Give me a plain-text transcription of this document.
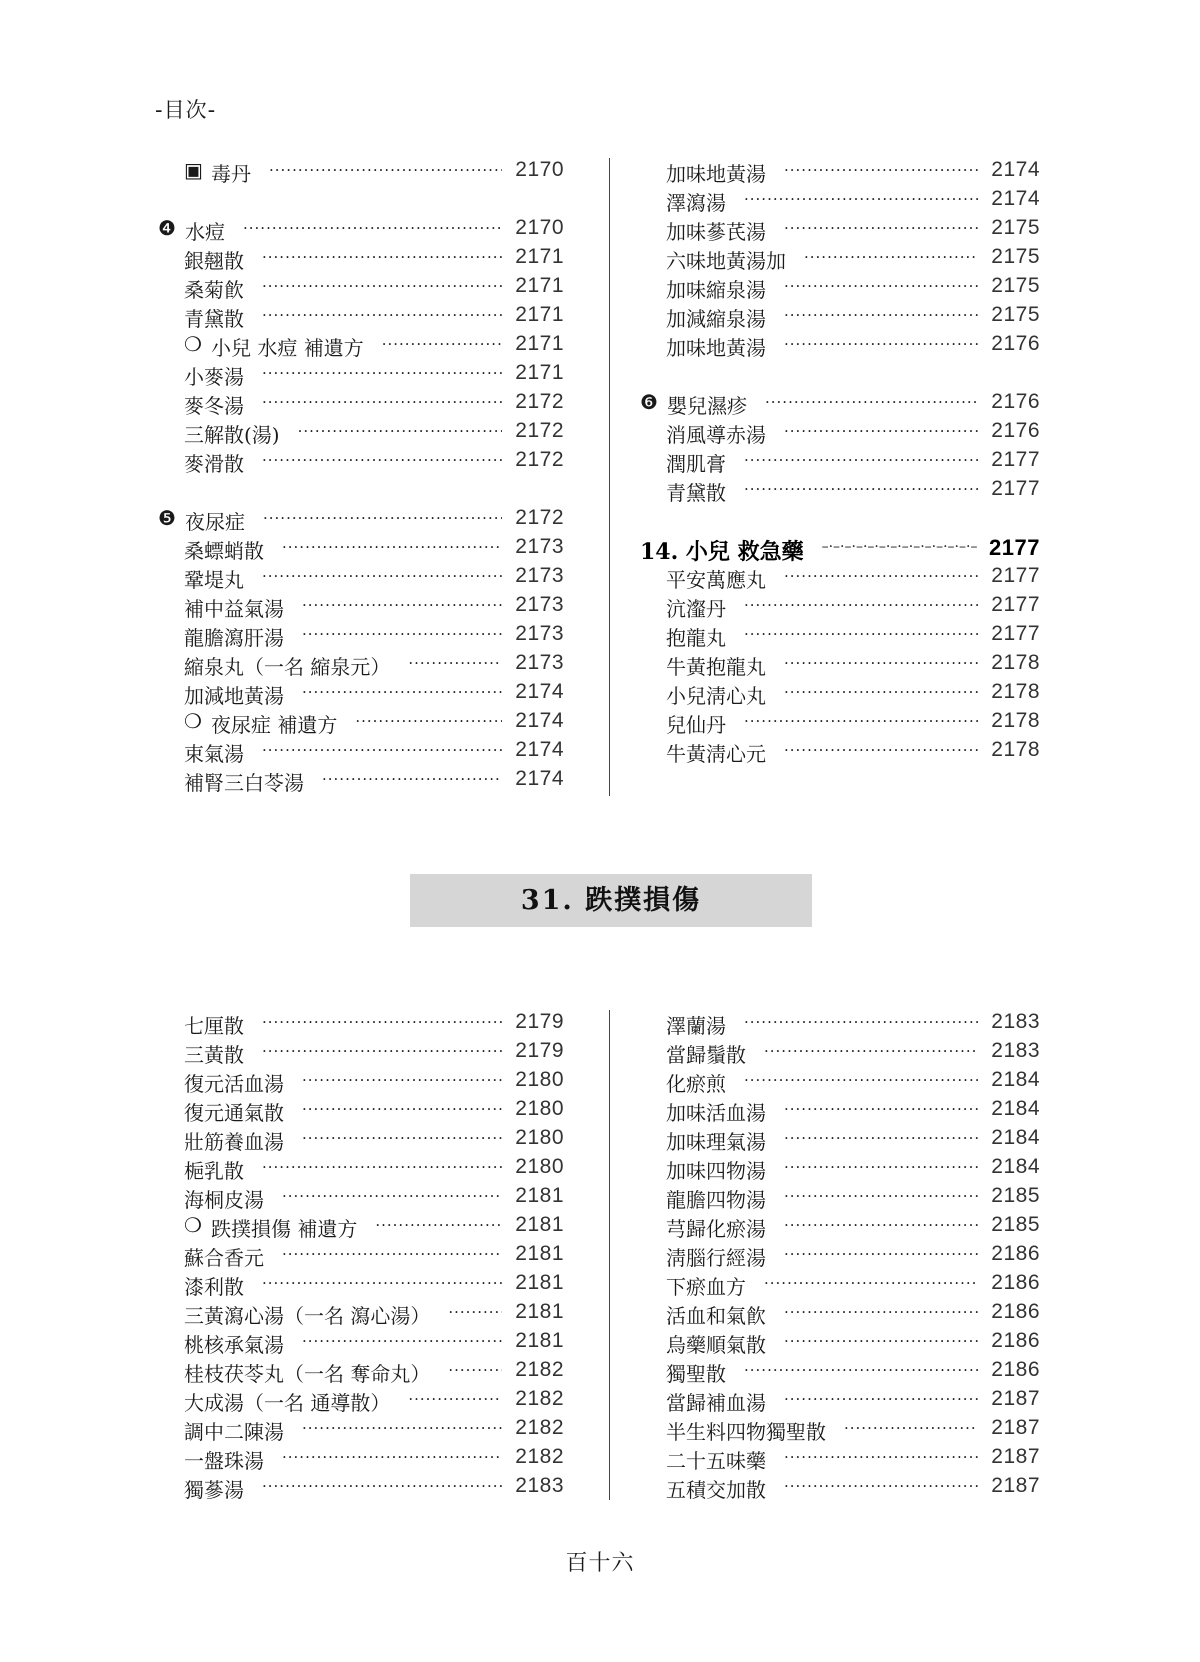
-目次-
▣ 毒丹 ·····	2170
❹ 水痘 ·····	2170
銀翹散 ·····	2171
桑菊飮 ·····	2171
青黛散 ·····	2171
❍ 小兒 水痘 補遺方 ·····	2171
小麥湯 ·····	2171
麥冬湯 ·····	2172
三解散(湯) ·····	2172
麥滑散 ·····	2172
❺ 夜尿症 ·····	2172
桑螵蛸散 ·····	2173
鞏堤丸 ·····	2173
補中益氣湯 ·····	2173
龍膽瀉肝湯 ·····	2173
縮泉丸（一名 縮泉元） ·····	2173
加減地黃湯 ·····	2174
❍ 夜尿症 補遺方 ·····	2174
束氣湯 ·····	2174
補腎三白苓湯 ·····	2174
加味地黃湯 ·····	2174
澤瀉湯 ·····	2174
加味蔘芪湯 ·····	2175
六味地黃湯加 ·····	2175
加味縮泉湯 ·····	2175
加減縮泉湯 ·····	2175
加味地黃湯 ·····	2176
❻ 嬰兒濕疹 ·····	2176
消風導赤湯 ·····	2176
潤肌膏 ·····	2177
青黛散 ·····	2177
14. 小兒 救急藥 –·–·–	2177
平安萬應丸 ·····	2177
沆瀣丹 ·····	2177
抱龍丸 ·····	2177
牛黃抱龍丸 ·····	2178
小兒淸心丸 ·····	2178
兒仙丹 ·····	2178
牛黃淸心元 ·····	2178
31. 跌撲損傷
七厘散 ·····	2179
三黃散 ·····	2179
復元活血湯 ·····	2180
復元通氣散 ·····	2180
壯筋養血湯 ·····	2180
梔乳散 ·····	2180
海桐皮湯 ·····	2181
❍ 跌撲損傷 補遺方 ·····	2181
蘇合香元 ·····	2181
漆利散 ·····	2181
三黃瀉心湯（一名 瀉心湯） ·····	2181
桃核承氣湯 ·····	2181
桂枝茯苓丸（一名 奪命丸） ·····	2182
大成湯（一名 通導散） ·····	2182
調中二陳湯 ·····	2182
一盤珠湯 ·····	2182
獨蔘湯 ·····	2183
澤蘭湯 ·····	2183
當歸鬚散 ·····	2183
化瘀煎 ·····	2184
加味活血湯 ·····	2184
加味理氣湯 ·····	2184
加味四物湯 ·····	2184
龍膽四物湯 ·····	2185
芎歸化瘀湯 ·····	2185
淸腦行經湯 ·····	2186
下瘀血方 ·····	2186
活血和氣飮 ·····	2186
烏藥順氣散 ·····	2186
獨聖散 ·····	2186
當歸補血湯 ·····	2187
半生料四物獨聖散 ·····	2187
二十五味藥 ·····	2187
五積交加散 ·····	2187
百十六
